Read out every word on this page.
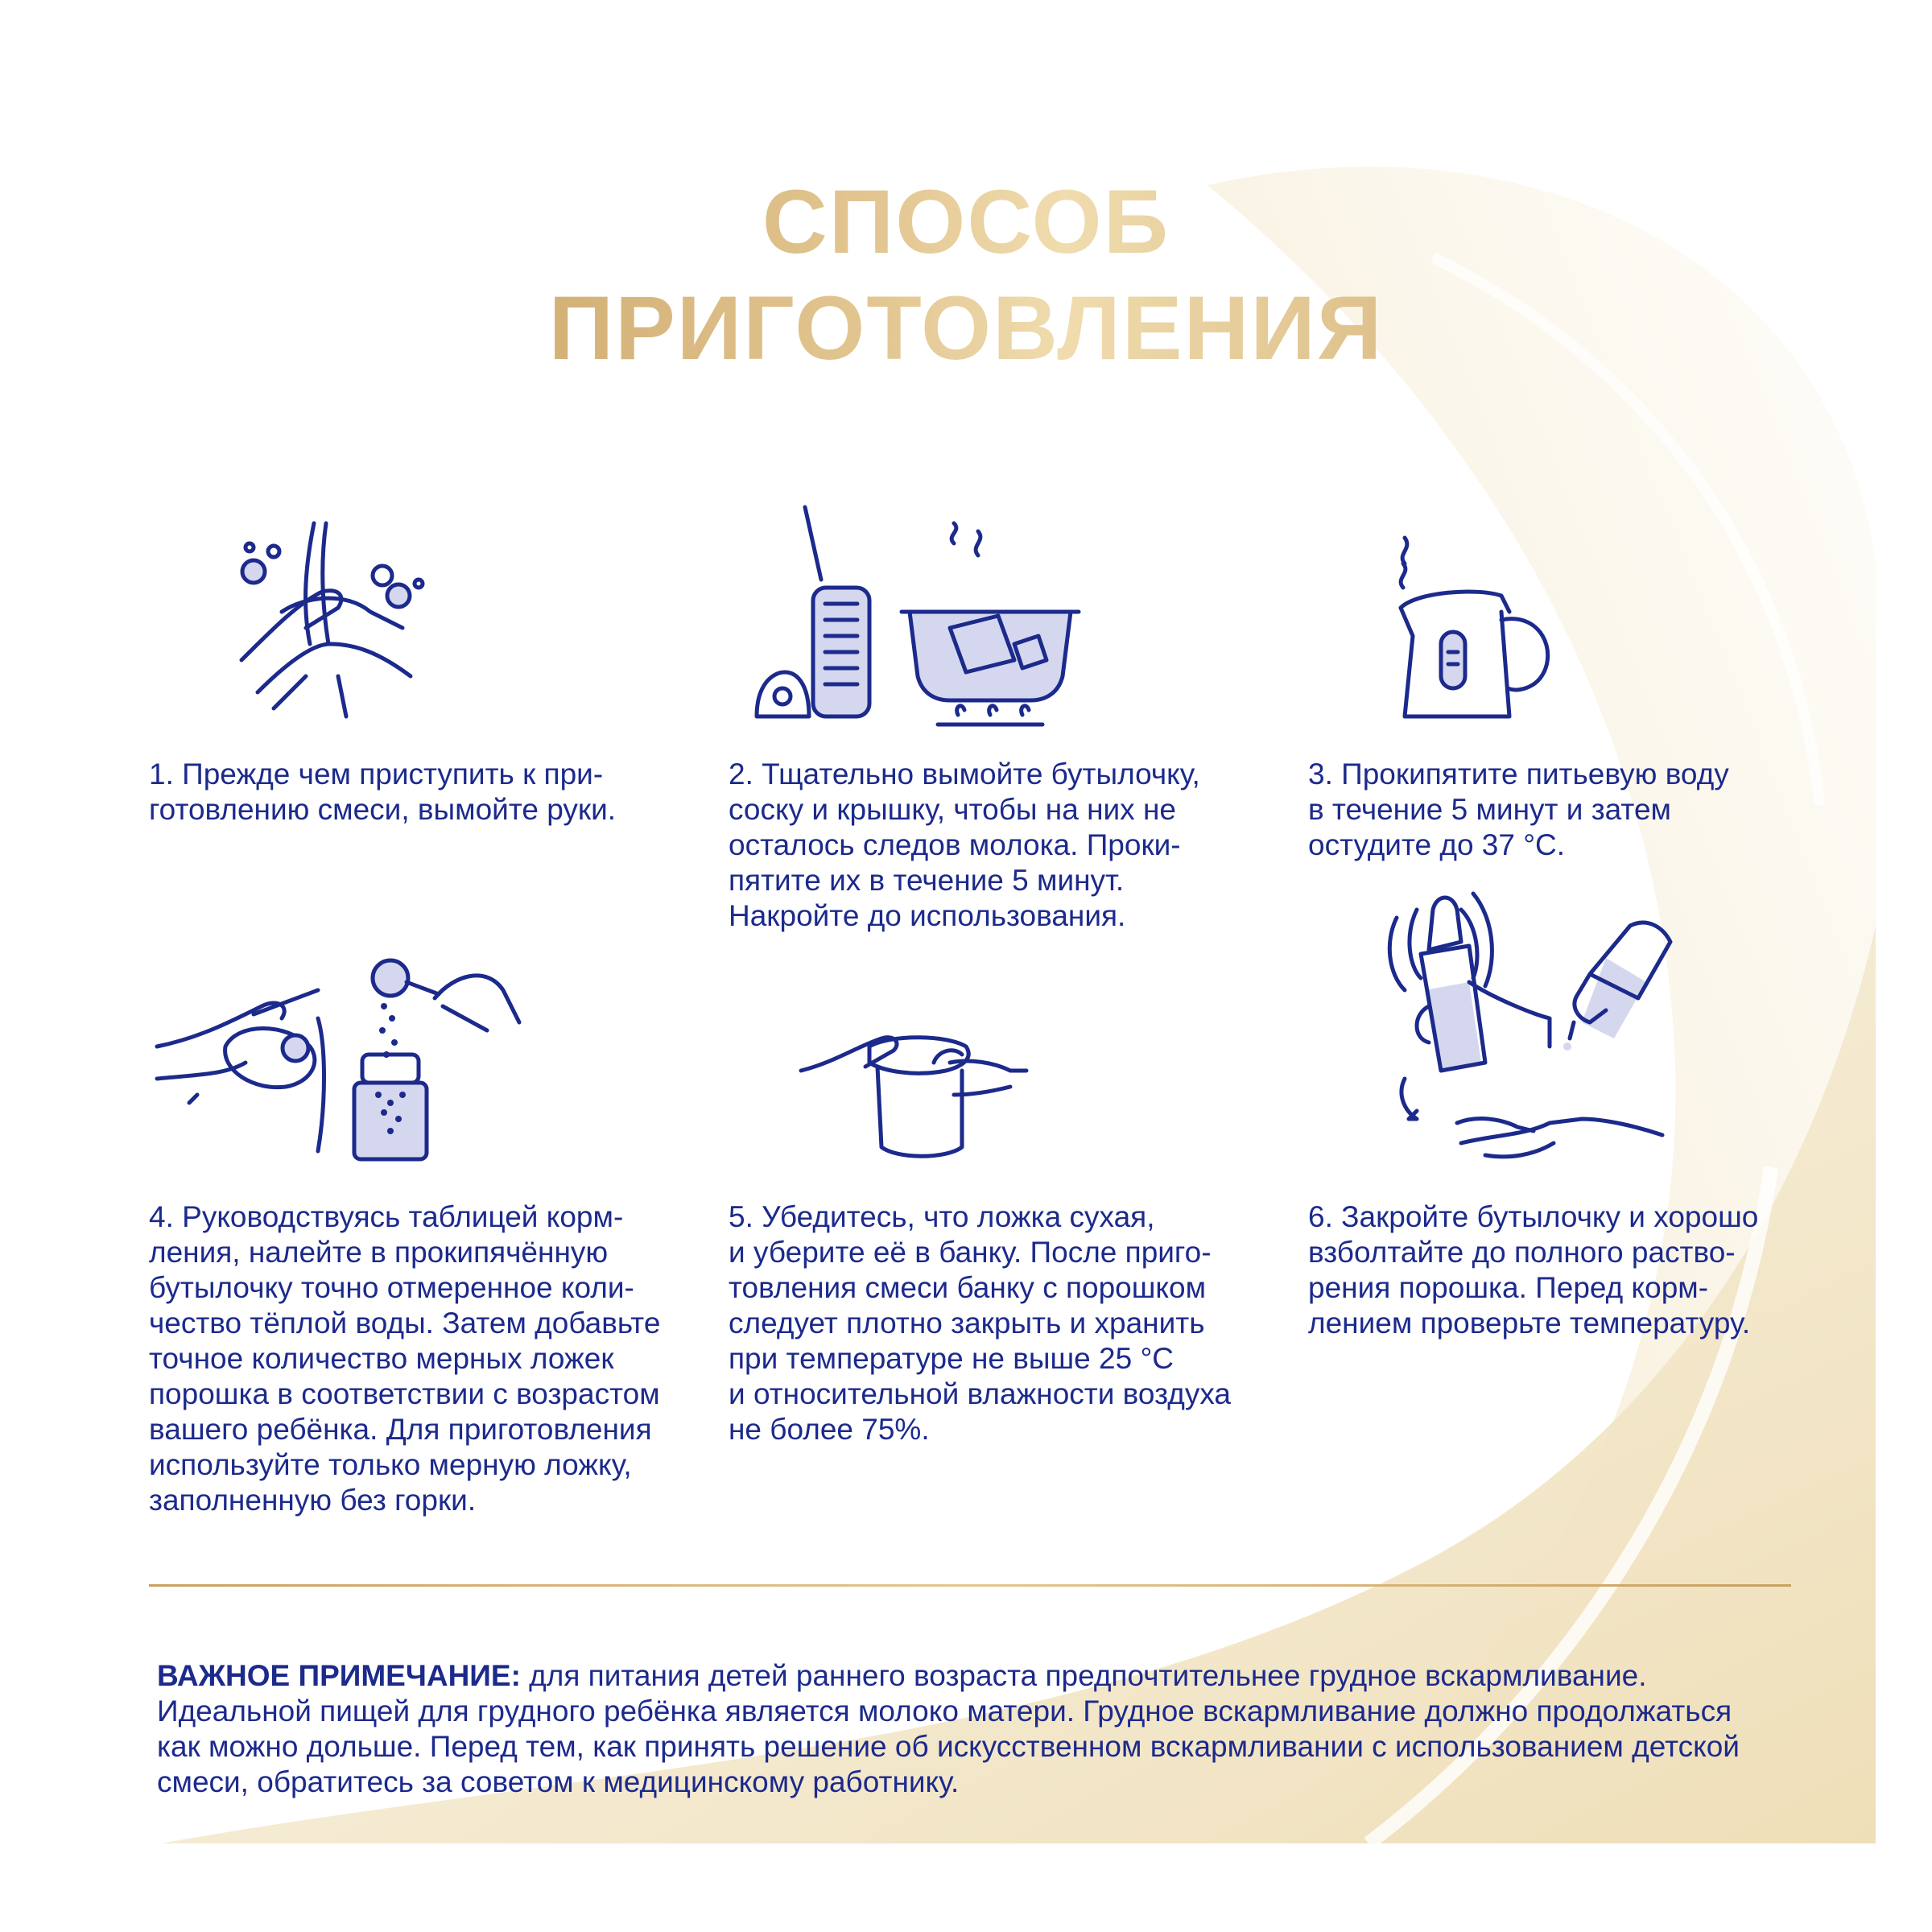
СПОСОБ
ПРИГОТОВЛЕНИЯ
1. Прежде чем приступить к при-
готовлению смеси, вымойте руки.
2. Тщательно вымойте бутылочку,
соску и крышку, чтобы на них не
осталось следов молока. Проки-
пятите их в течение 5 минут.
Накройте до использования.
3. Прокипятите питьевую воду
в течение 5 минут и затем
остудите до 37 °C.
4. Руководствуясь таблицей корм-
ления, налейте в прокипячённую
бутылочку точно отмеренное коли-
чество тёплой воды. Затем добавьте
точное количество мерных ложек
порошка в соответствии с возрастом
вашего ребёнка. Для приготовления
используйте только мерную ложку,
заполненную без горки.
5. Убедитесь, что ложка сухая,
и уберите её в банку. После приго-
товления смеси банку с порошком
следует плотно закрыть и хранить
при температуре не выше 25 °C
и относительной влажности воздуха
не более 75%.
6. Закройте бутылочку и хорошо
взболтайте до полного раство-
рения порошка. Перед корм-
лением проверьте температуру.
ВАЖНОЕ ПРИМЕЧАНИЕ: для питания детей раннего возраста предпочтительнее грудное вскармливание. Идеальной пищей для грудного ребёнка является молоко матери. Грудное вскармливание должно продолжаться как можно дольше. Перед тем, как принять решение об искусственном вскармливании с использованием детской смеси, обратитесь за советом к медицинскому работнику.
